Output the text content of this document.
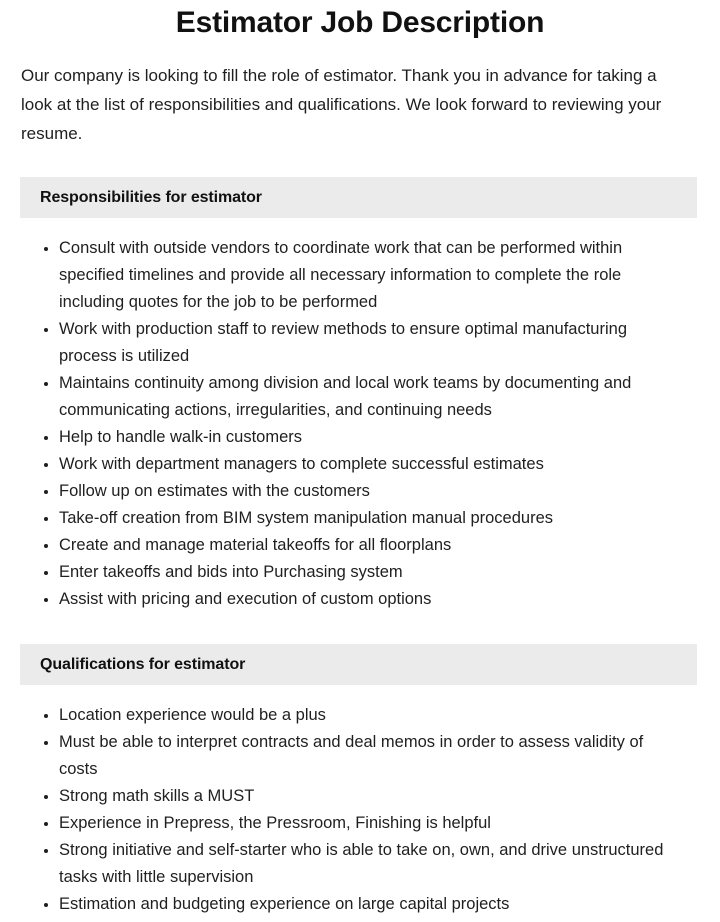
Estimator Job Description

Our company is looking to fill the role of estimator. Thank you in advance for taking a look at the list of responsibilities and qualifications. We look forward to reviewing your resume.

Responsibilities for estimator
Consult with outside vendors to coordinate work that can be performed within specified timelines and provide all necessary information to complete the role including quotes for the job to be performed
Work with production staff to review methods to ensure optimal manufacturing process is utilized
Maintains continuity among division and local work teams by documenting and communicating actions, irregularities, and continuing needs
Help to handle walk-in customers
Work with department managers to complete successful estimates
Follow up on estimates with the customers
Take-off creation from BIM system manipulation manual procedures
Create and manage material takeoffs for all floorplans
Enter takeoffs and bids into Purchasing system
Assist with pricing and execution of custom options
Qualifications for estimator
Location experience would be a plus
Must be able to interpret contracts and deal memos in order to assess validity of costs
Strong math skills a MUST
Experience in Prepress, the Pressroom, Finishing is helpful
Strong initiative and self-starter who is able to take on, own, and drive unstructured tasks with little supervision
Estimation and budgeting experience on large capital projects
